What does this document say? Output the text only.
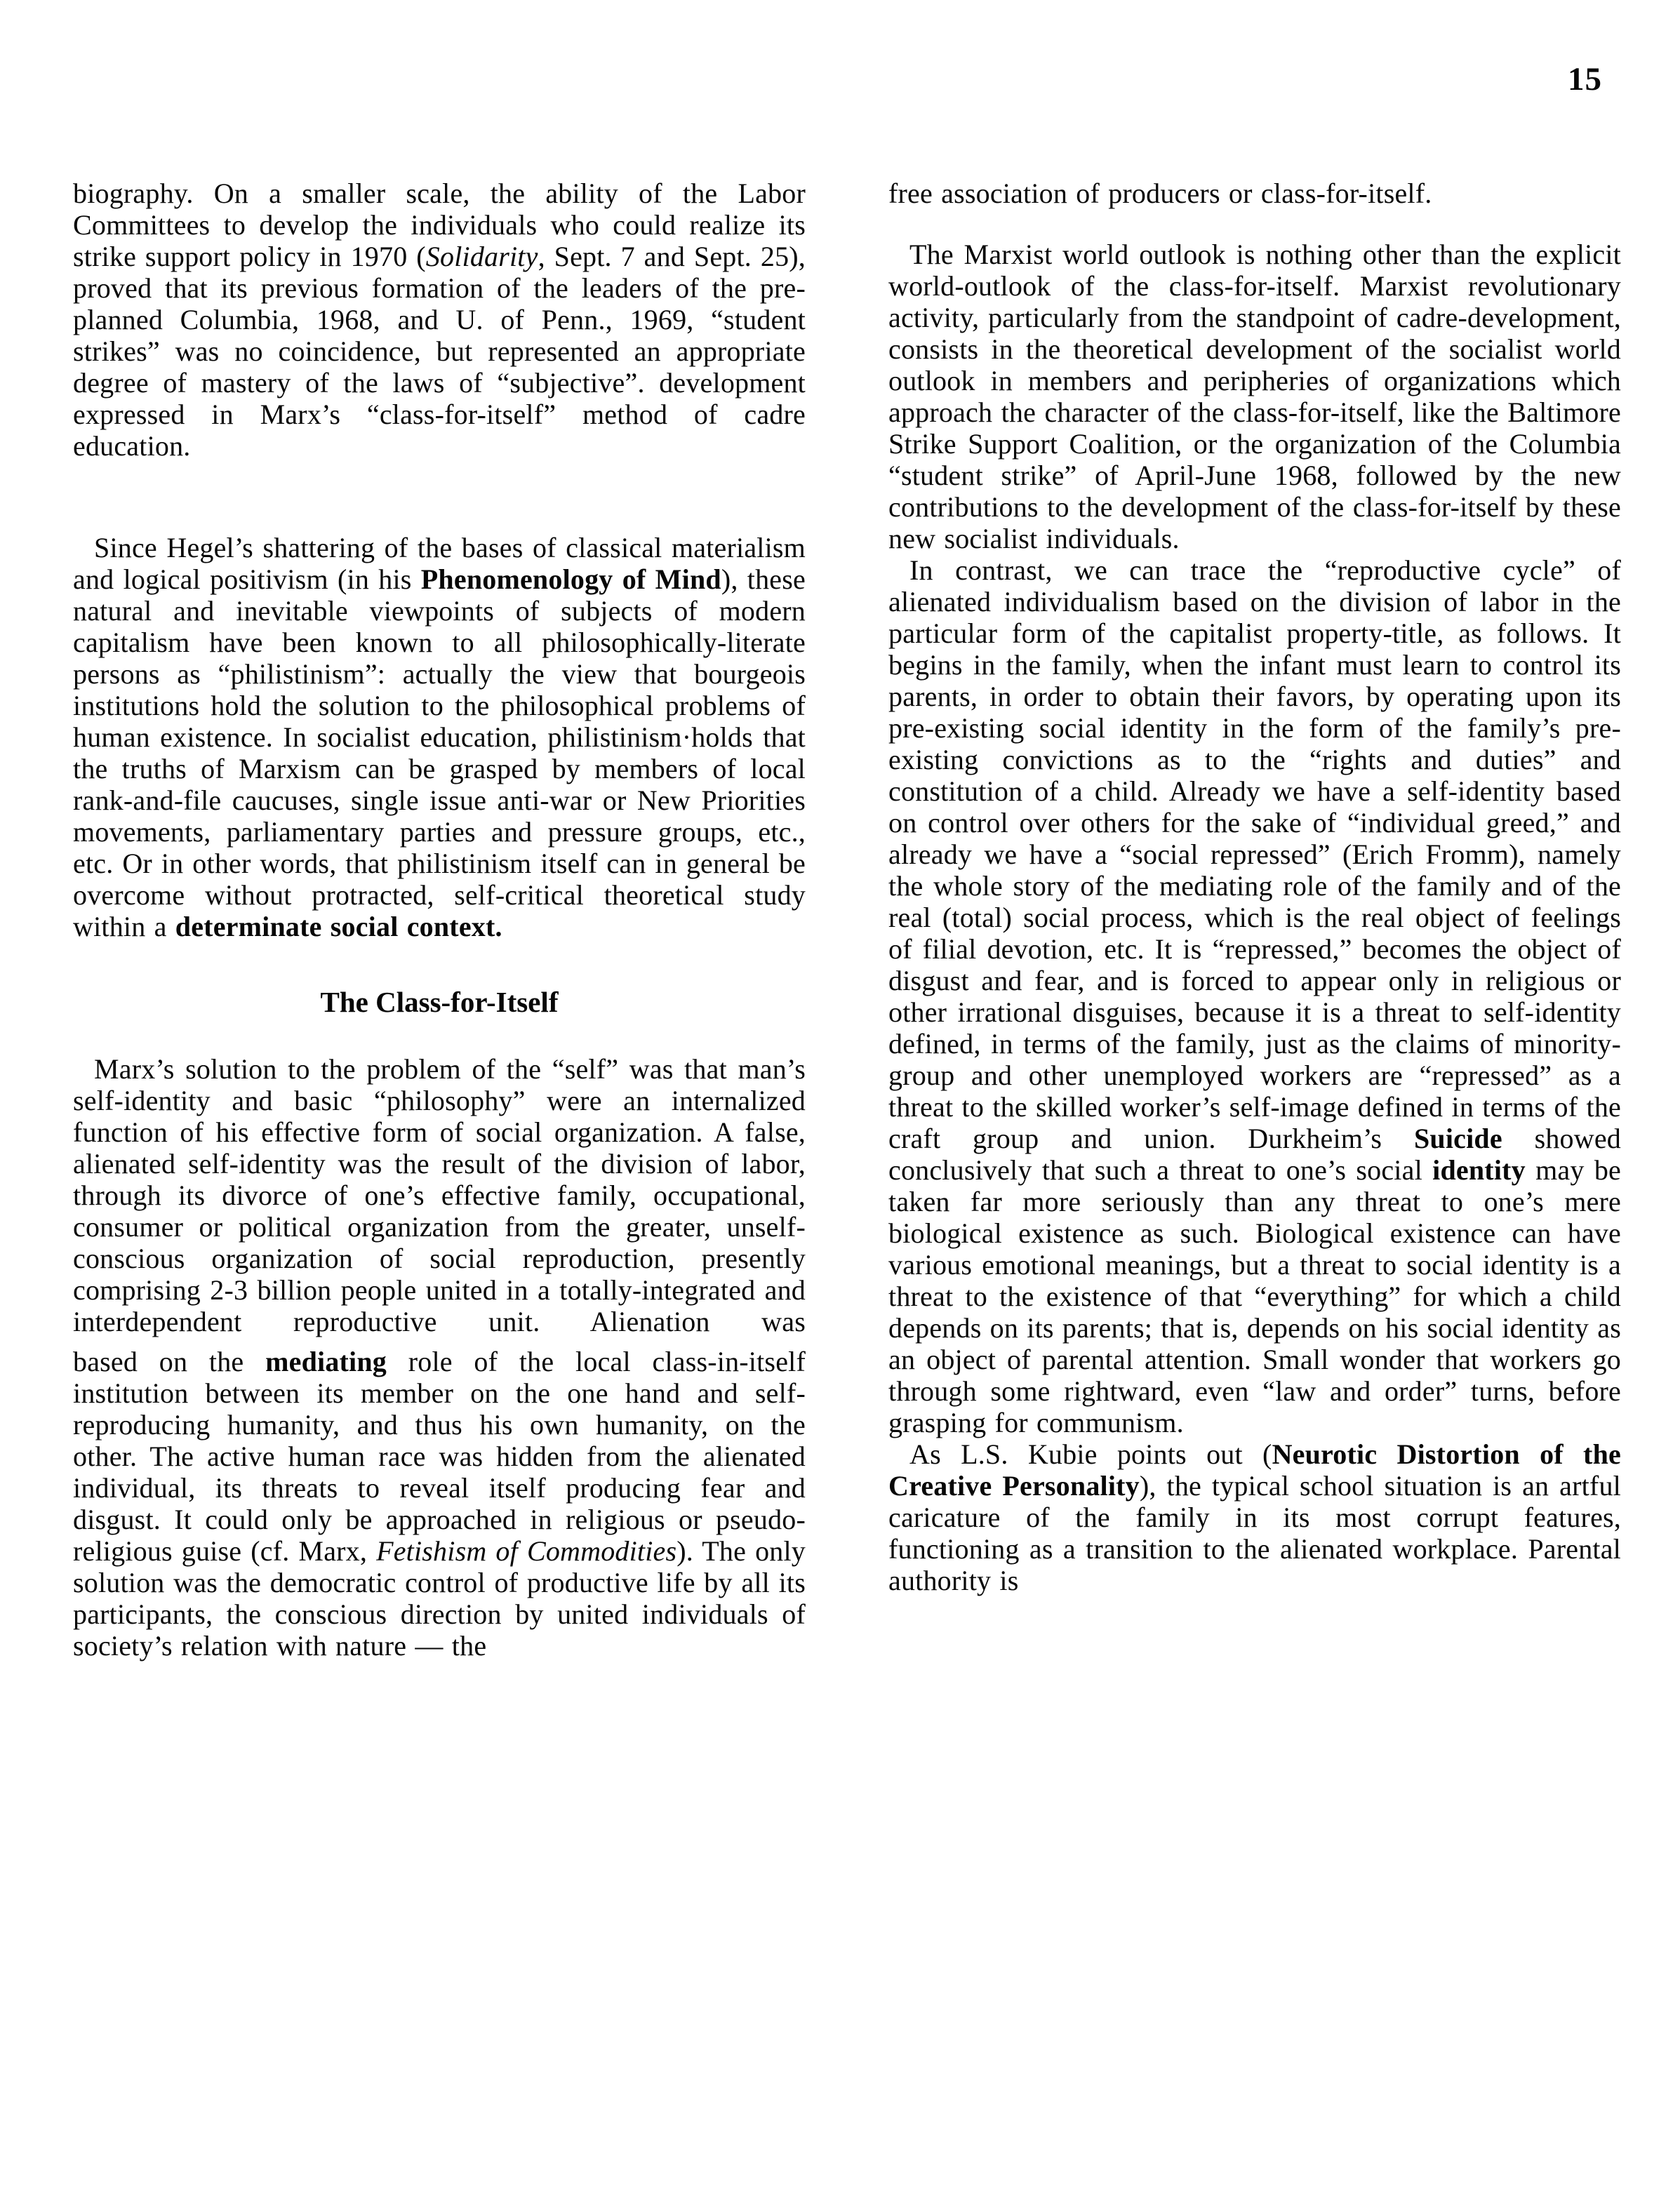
15

biography. On a smaller scale, the ability of the Labor Committees to develop the individuals who could realize its strike support policy in 1970 (Solidarity, Sept. 7 and Sept. 25), proved that its previous formation of the leaders of the pre-planned Columbia, 1968, and U. of Penn., 1969, “student strikes” was no coincidence, but represented an appropriate degree of mastery of the laws of “subjective”. development expressed in Marx’s “class-for-itself” method of cadre education.

Since Hegel’s shattering of the bases of classical materialism and logical positivism (in his Phenomenology of Mind), these natural and inevitable viewpoints of subjects of modern capitalism have been known to all philosophically-literate persons as “philistinism”: actually the view that bourgeois institutions hold the solution to the philosophical problems of human existence. In socialist education, philistinism·holds that the truths of Marxism can be grasped by members of local rank-and-file caucuses, single issue anti-war or New Priorities movements, parliamentary parties and pressure groups, etc., etc. Or in other words, that philistinism itself can in general be overcome without protracted, self-critical theoretical study within a determinate social context.

The Class-for-Itself

Marx’s solution to the problem of the “self” was that man’s self-identity and basic “philosophy” were an internalized function of his effective form of social organization. A false, alienated self-identity was the result of the division of labor, through its divorce of one’s effective family, occupational, consumer or political organization from the greater, unself-conscious organization of social reproduction, presently comprising 2-3 billion people united in a totally-integrated and interdependent reproductive unit. Alienation was

based on the mediating role of the local class-in-itself institution between its member on the one hand and self-reproducing humanity, and thus his own humanity, on the other. The active human race was hidden from the alienated individual, its threats to reveal itself producing fear and disgust. It could only be approached in religious or pseudo-religious guise (cf. Marx, Fetishism of Commodities). The only solution was the democratic control of productive life by all its participants, the conscious direction by united individuals of society’s relation with nature — the

free association of producers or class-for-itself.

The Marxist world outlook is nothing other than the explicit world-outlook of the class-for-itself. Marxist revolutionary activity, particularly from the standpoint of cadre-development, consists in the theoretical development of the socialist world outlook in members and peripheries of organizations which approach the character of the class-for-itself, like the Baltimore Strike Support Coalition, or the organization of the Columbia “student strike” of April-June 1968, followed by the new contributions to the development of the class-for-itself by these new socialist individuals.

In contrast, we can trace the “reproductive cycle” of alienated individualism based on the division of labor in the particular form of the capitalist property-title, as follows. It begins in the family, when the infant must learn to control its parents, in order to obtain their favors, by operating upon its pre-existing social identity in the form of the family’s pre-existing convictions as to the “rights and duties” and constitution of a child. Already we have a self-identity based on control over others for the sake of “individual greed,” and already we have a “social repressed” (Erich Fromm), namely the whole story of the mediating role of the family and of the real (total) social process, which is the real object of feelings of filial devotion, etc. It is “repressed,” becomes the object of disgust and fear, and is forced to appear only in religious or other irrational disguises, because it is a threat to self-identity defined, in terms of the family, just as the claims of minority-group and other unemployed workers are “repressed” as a threat to the skilled worker’s self-image defined in terms of the craft group and union. Durkheim’s Suicide showed conclusively that such a threat to one’s social identity may be taken far more seriously than any threat to one’s mere biological existence as such. Biological existence can have various emotional meanings, but a threat to social identity is a threat to the existence of that “everything” for which a child depends on its parents; that is, depends on his social identity as an object of parental attention. Small wonder that workers go through some rightward, even “law and order” turns, before grasping for communism.

As L.S. Kubie points out (Neurotic Distortion of the Creative Personality), the typical school situation is an artful caricature of the family in its most corrupt features, functioning as a transition to the alienated workplace. Parental authority is
